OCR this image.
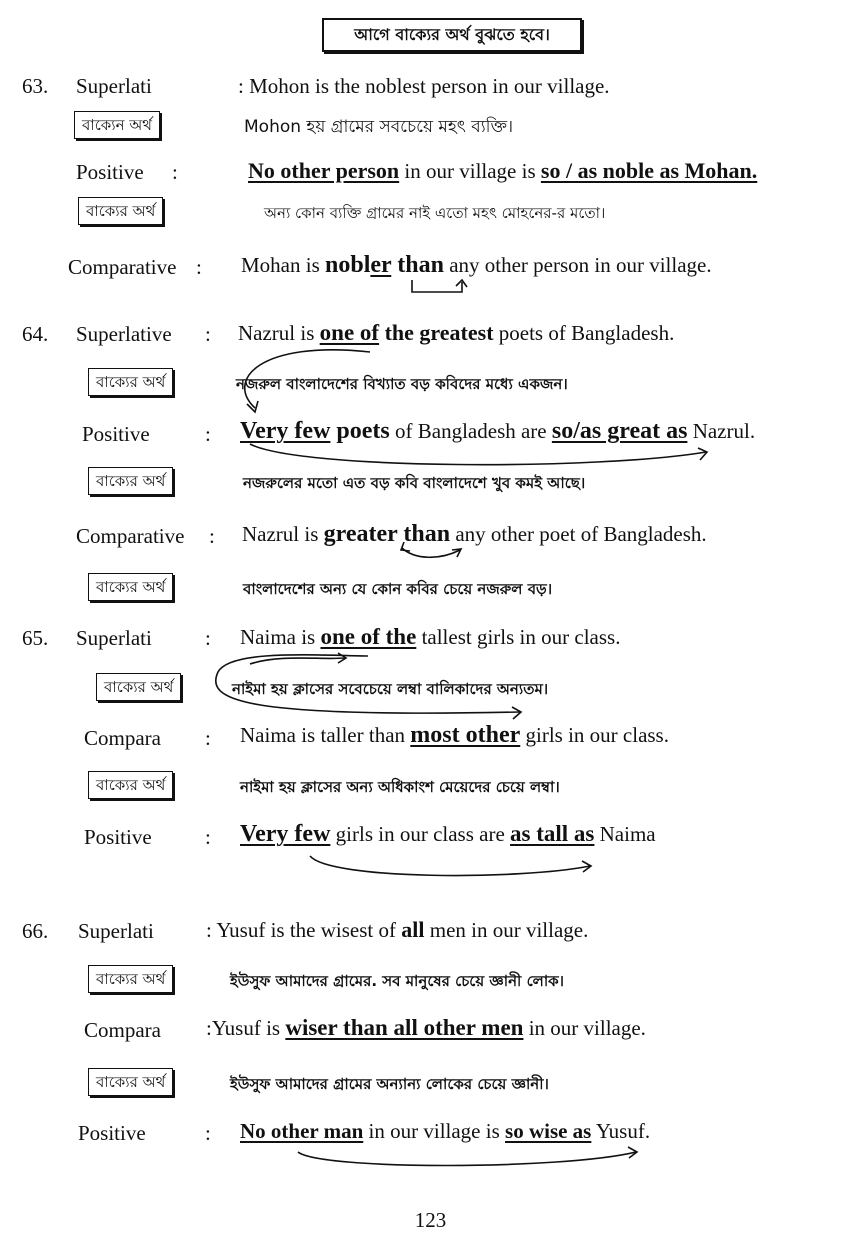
আগে বাক্যের অর্থ বুঝতে হবে।
63. Superlati	: Mohon is the noblest person in our village.
বাক্যেন অর্থ	Mohon হয় গ্রামের সবচেয়ে মহৎ ব্যক্তি।
Positive :	No other person in our village is so / as noble as Mohan.
বাক্যের অর্থ	অন্য কোন ব্যক্তি গ্রামের নাই এতো মহৎ মোহনের-র মতো।
Comparative : Mohan is nobler than any other person in our village.
64. Superlative : Nazrul is one of the greatest poets of Bangladesh.
বাক্যের অর্থ	নজরুল বাংলাদেশের বিখ্যাত বড় কবিদের মধ্যে একজন।
Positive	: Very few poets of Bangladesh are so/as great as Nazrul.
বাক্যের অর্থ	নজরুলের মতো এত বড় কবি বাংলাদেশে খুব কমই আছে।
Comparative : Nazrul is greater than any other poet of Bangladesh.
বাক্যের অর্থ	বাংলাদেশের অন্য যে কোন কবির চেয়ে নজরুল বড়।
65. Superlati	: Naima is one of the tallest girls in our class.
বাক্যের অর্থ	নাইমা হয় ক্লাসের সবেচেয়ে লম্বা বালিকাদের অন্যতম।
Compara : Naima is taller than most other girls in our class.
বাক্যের অর্থ	নাইমা হয় ক্লাসের অন্য অধিকাংশ মেয়েদের চেয়ে লম্বা।
Positive	: Very few girls in our class are as tall as Naima
66. Superlati : Yusuf is the wisest of all men in our village.
বাক্যের অর্থ	ইউসুফ আমাদের গ্রামের. সব মানুষের চেয়ে জ্ঞানী লোক।
Compara :Yusuf is wiser than all other men in our village.
বাক্যের অর্থ	ইউসুফ আমাদের গ্রামের অন্যান্য লোকের চেয়ে জ্ঞানী।
Positive	: No other man in our village is so wise as Yusuf.
123
